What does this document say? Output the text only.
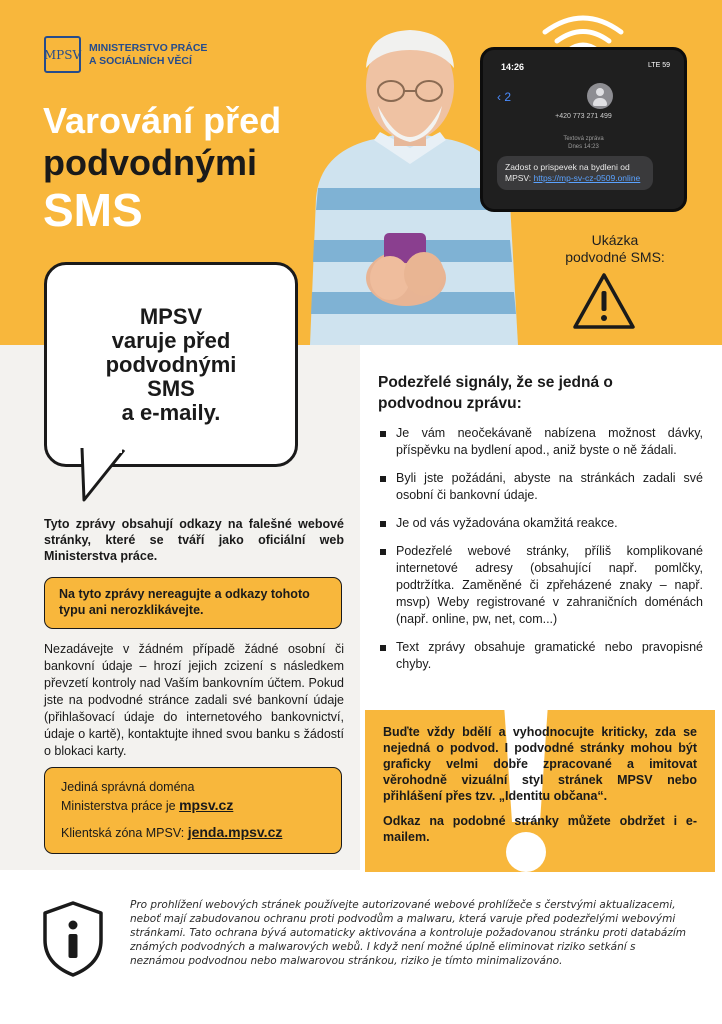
MPSV MINISTERSTVO PRÁCE
A SOCIÁLNÍCH VĚCÍ
Varování před
podvodnými
SMS
14:26	LTE 59
‹ 2
+420 773 271 499
Textová zpráva
Dnes 14:23
Zadost o prispevek na bydleni od MPSV: https://mp-sv-cz-0509.online
Ukázka
podvodné SMS:
MPSV
varuje před
podvodnými
SMS
a e-maily.

Tyto zprávy obsahují odkazy na falešné webové stránky, které se tváří jako oficiální web Ministerstva práce.

Na tyto zprávy nereagujte a odkazy tohoto typu ani nerozklikávejte.

Nezadávejte v žádném případě žádné osobní či bankovní údaje – hrozí jejich zcizení s následkem převzetí kontroly nad Vaším bankovním účtem. Pokud jste na podvodné stránce zadali své bankovní údaje (přihlašovací údaje do internetového bankovnictví, údaje o kartě), kontaktujte ihned svou banku s žádostí o blokaci karty.

Jediná správná doména
Ministerstva práce je mpsv.cz
Klientská zóna MPSV: jenda.mpsv.cz
Podezřelé signály, že se jedná o podvodnou zprávu:
Je vám neočekávaně nabízena možnost dávky, příspěvku na bydlení apod., aniž byste o ně žádali.
Byli jste požádáni, abyste na stránkách zadali své osobní či bankovní údaje.
Je od vás vyžadována okamžitá reakce.
Podezřelé webové stránky, příliš komplikované internetové adresy (obsahující např. pomlčky, podtržítka. Zaměněné či zpřeházené znaky – např. msvp) Weby registrované v zahraničních doménách (např. online, pw, net, com...)
Text zprávy obsahuje gramatické nebo pravopisné chyby.

Buďte vždy bdělí a vyhodnocujte kriticky, zda se nejedná o podvod. I podvodné stránky mohou být graficky velmi dobře zpracované a imitovat věrohodně vizuální styl stránek MPSV nebo přihlášení přes tzv. „Identitu občana“.

Odkaz na podobné stránky můžete obdržet i e-mailem.

Pro prohlížení webových stránek používejte autorizované webové prohlížeče s čerstvými aktualizacemi, neboť mají zabudovanou ochranu proti podvodům a malwaru, která varuje před podezřelými webovými stránkami. Tato ochrana bývá automaticky aktivována a kontroluje požadovanou stránku proti databázím známých podvodných a malwarových webů. I když není možné úplně eliminovat riziko setkání s neznámou podvodnou nebo malwarovou stránkou, riziko je tímto minimalizováno.
